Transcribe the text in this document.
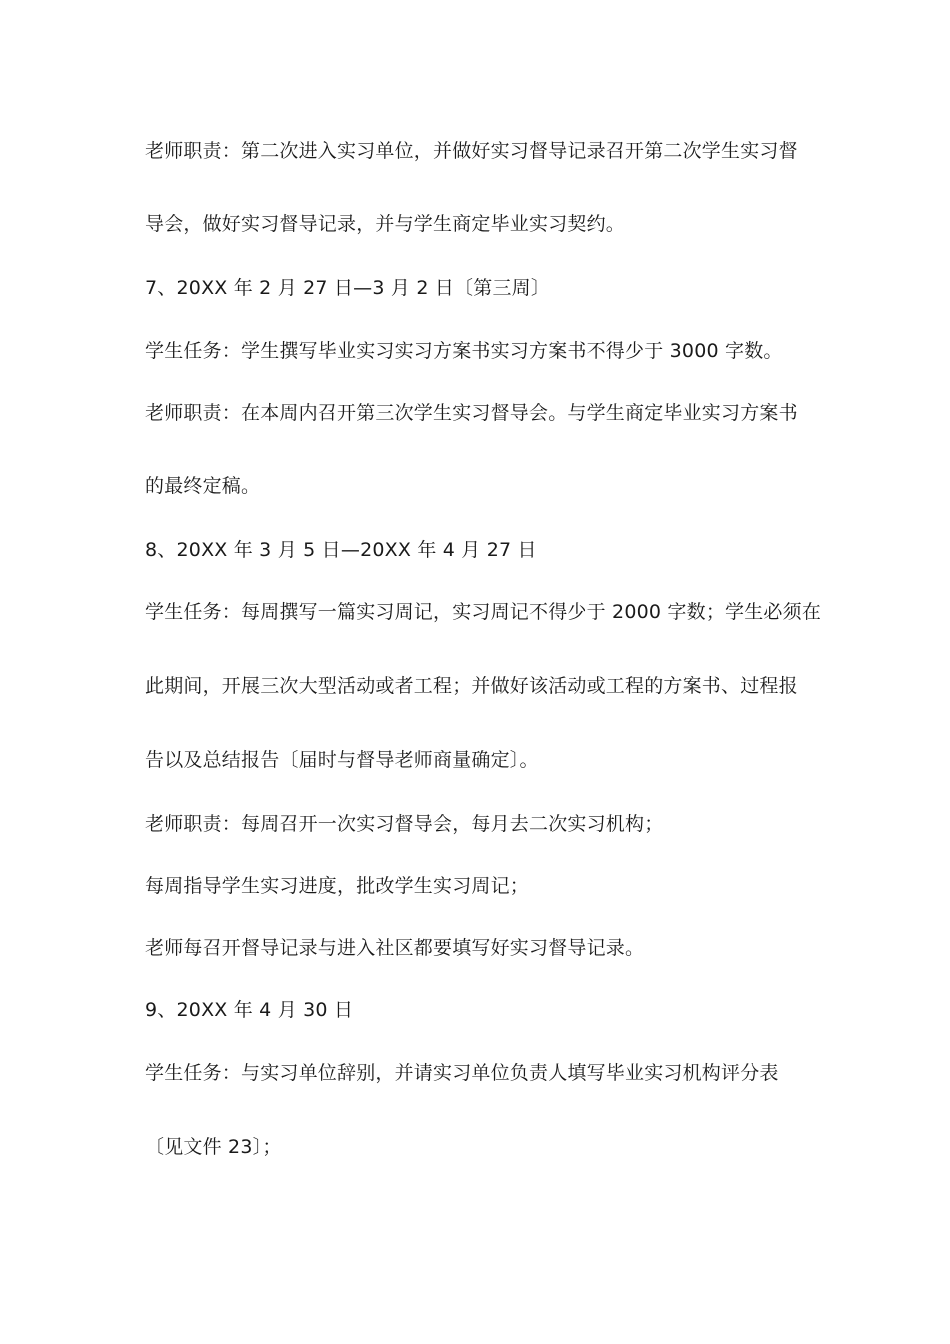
老师职责：第二次进入实习单位，并做好实习督导记录召开第二次学生实习督

导会，做好实习督导记录，并与学生商定毕业实习契约。

7、20XX 年 2 月 27 日—3 月 2 日〔第三周〕

学生任务：学生撰写毕业实习实习方案书实习方案书不得少于 3000 字数。

老师职责：在本周内召开第三次学生实习督导会。与学生商定毕业实习方案书

的最终定稿。

8、20XX 年 3 月 5 日—20XX 年 4 月 27 日

学生任务：每周撰写一篇实习周记，实习周记不得少于 2000 字数；学生必须在

此期间，开展三次大型活动或者工程；并做好该活动或工程的方案书、过程报

告以及总结报告〔届时与督导老师商量确定〕。

老师职责：每周召开一次实习督导会，每月去二次实习机构；

每周指导学生实习进度，批改学生实习周记；

老师每召开督导记录与进入社区都要填写好实习督导记录。

9、20XX 年 4 月 30 日

学生任务：与实习单位辞别，并请实习单位负责人填写毕业实习机构评分表

〔见文件 23〕；
